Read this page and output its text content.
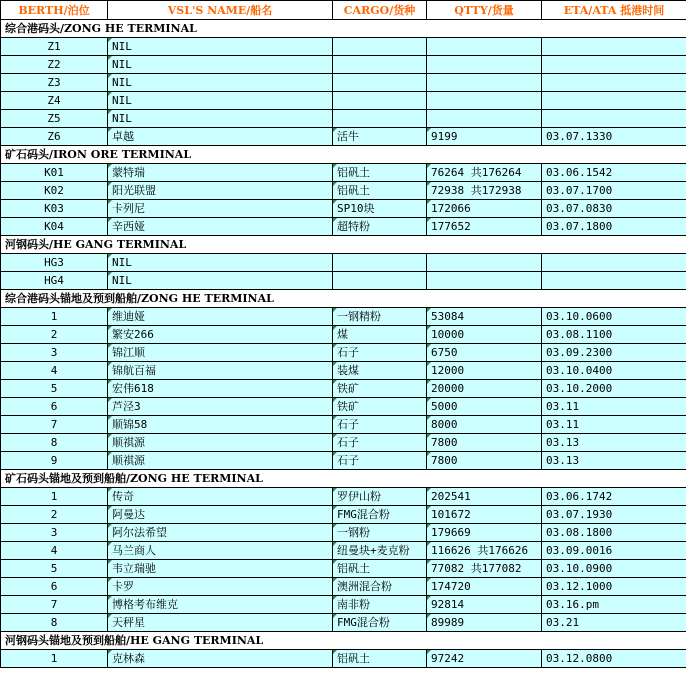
BERTH/泊位	VSL'S NAME/船名	CARGO/货种	QTTY/货量	ETA/ATA 抵港时间
综合港码头/ZONG HE TERMINAL				
Z1	NIL			
Z2	NIL			
Z3	NIL			
Z4	NIL			
Z5	NIL			
Z6	卓越	活牛	9199	03.07.1330
矿石码头/IRON ORE TERMINAL				
K01	蒙特瑞	铝矾土	76264 共176264	03.06.1542
K02	阳光联盟	铝矾土	72938 共172938	03.07.1700
K03	卡列尼	SP10块	172066	03.07.0830
K04	辛西娅	超特粉	177652	03.07.1800
河钢码头/HE GANG TERMINAL				
HG3	NIL			
HG4	NIL			
综合港码头锚地及预到船舶/ZONG HE TERMINAL				
1	维迪娅	一钢精粉	53084	03.10.0600
2	繁安266	煤	10000	03.08.1100
3	锦江顺	石子	6750	03.09.2300
4	锦航百福	装煤	12000	03.10.0400
5	宏伟618	铁矿	20000	03.10.2000
6	芦泾3	铁矿	5000	03.11
7	顺锦58	石子	8000	03.11
8	顺祺源	石子	7800	03.13
9	顺祺源	石子	7800	03.13
矿石码头锚地及预到船舶/ZONG HE TERMINAL				
1	传奇	罗伊山粉	202541	03.06.1742
2	阿曼达	FMG混合粉	101672	03.07.1930
3	阿尔法希望	一钢粉	179669	03.08.1800
4	马兰商人	纽曼块+麦克粉	116626 共176626	03.09.0016
5	韦立瑞驰	铝矾土	77082 共177082	03.10.0900
6	卡罗	澳洲混合粉	174720	03.12.1000
7	博格考布维克	南非粉	92814	03.16.pm
8	天秤星	FMG混合粉	89989	03.21
河钢码头锚地及预到船舶/HE GANG TERMINAL				
1	克林森	铝矾土	97242	03.12.0800
